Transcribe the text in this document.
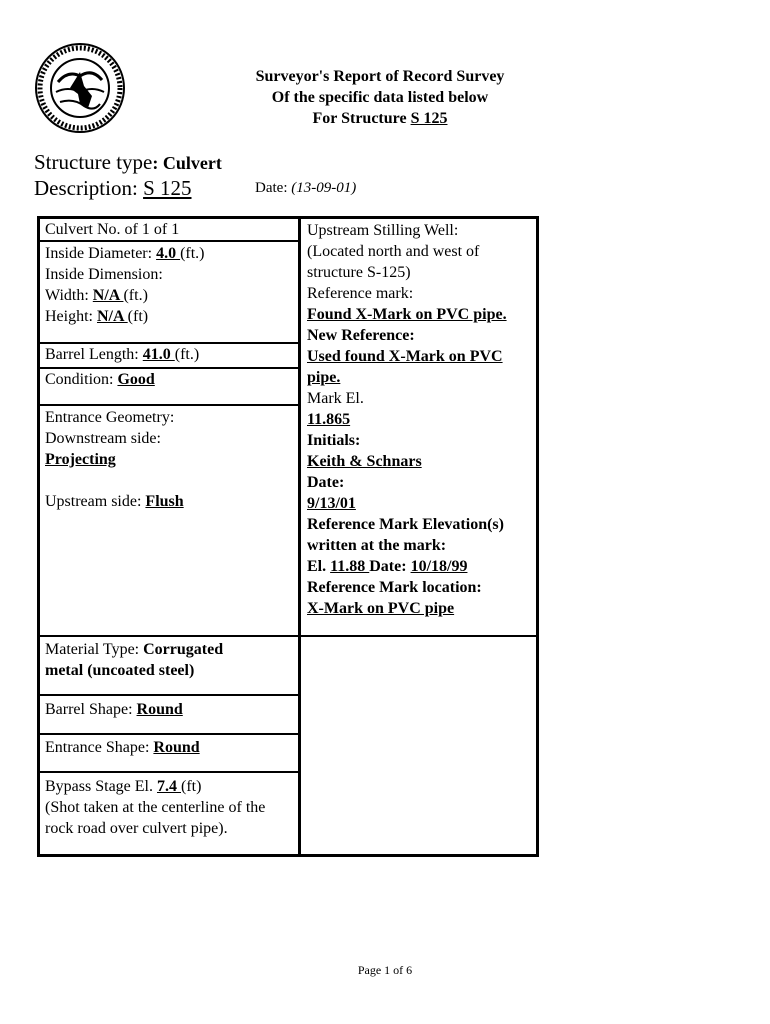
Surveyor's Report of Record Survey
Of the specific data listed below
For Structure S 125
Structure type: Culvert
Description: S 125	Date: (13-09-01)
Culvert No. of 1 of 1
Inside Diameter: 4.0 (ft.)
Inside Dimension:
Width: N/A (ft.)
Height: N/A (ft)
Barrel Length: 41.0 (ft.)
Condition: Good
Entrance Geometry:
Downstream side:
Projecting
Upstream side: Flush
Material Type: Corrugated
metal (uncoated steel)
Barrel Shape: Round
Entrance Shape: Round
Bypass Stage El. 7.4 (ft)
(Shot taken at the centerline of the
rock road over culvert pipe).
Upstream Stilling Well:
(Located north and west of
structure S-125)
Reference mark:
Found X-Mark on PVC pipe.
New Reference:
Used found X-Mark on PVC
pipe.
Mark El.
11.865
Initials:
Keith & Schnars
Date:
9/13/01
Reference Mark Elevation(s)
written at the mark:
El. 11.88 Date: 10/18/99
Reference Mark location:
X-Mark on PVC pipe
Page 1 of 6
